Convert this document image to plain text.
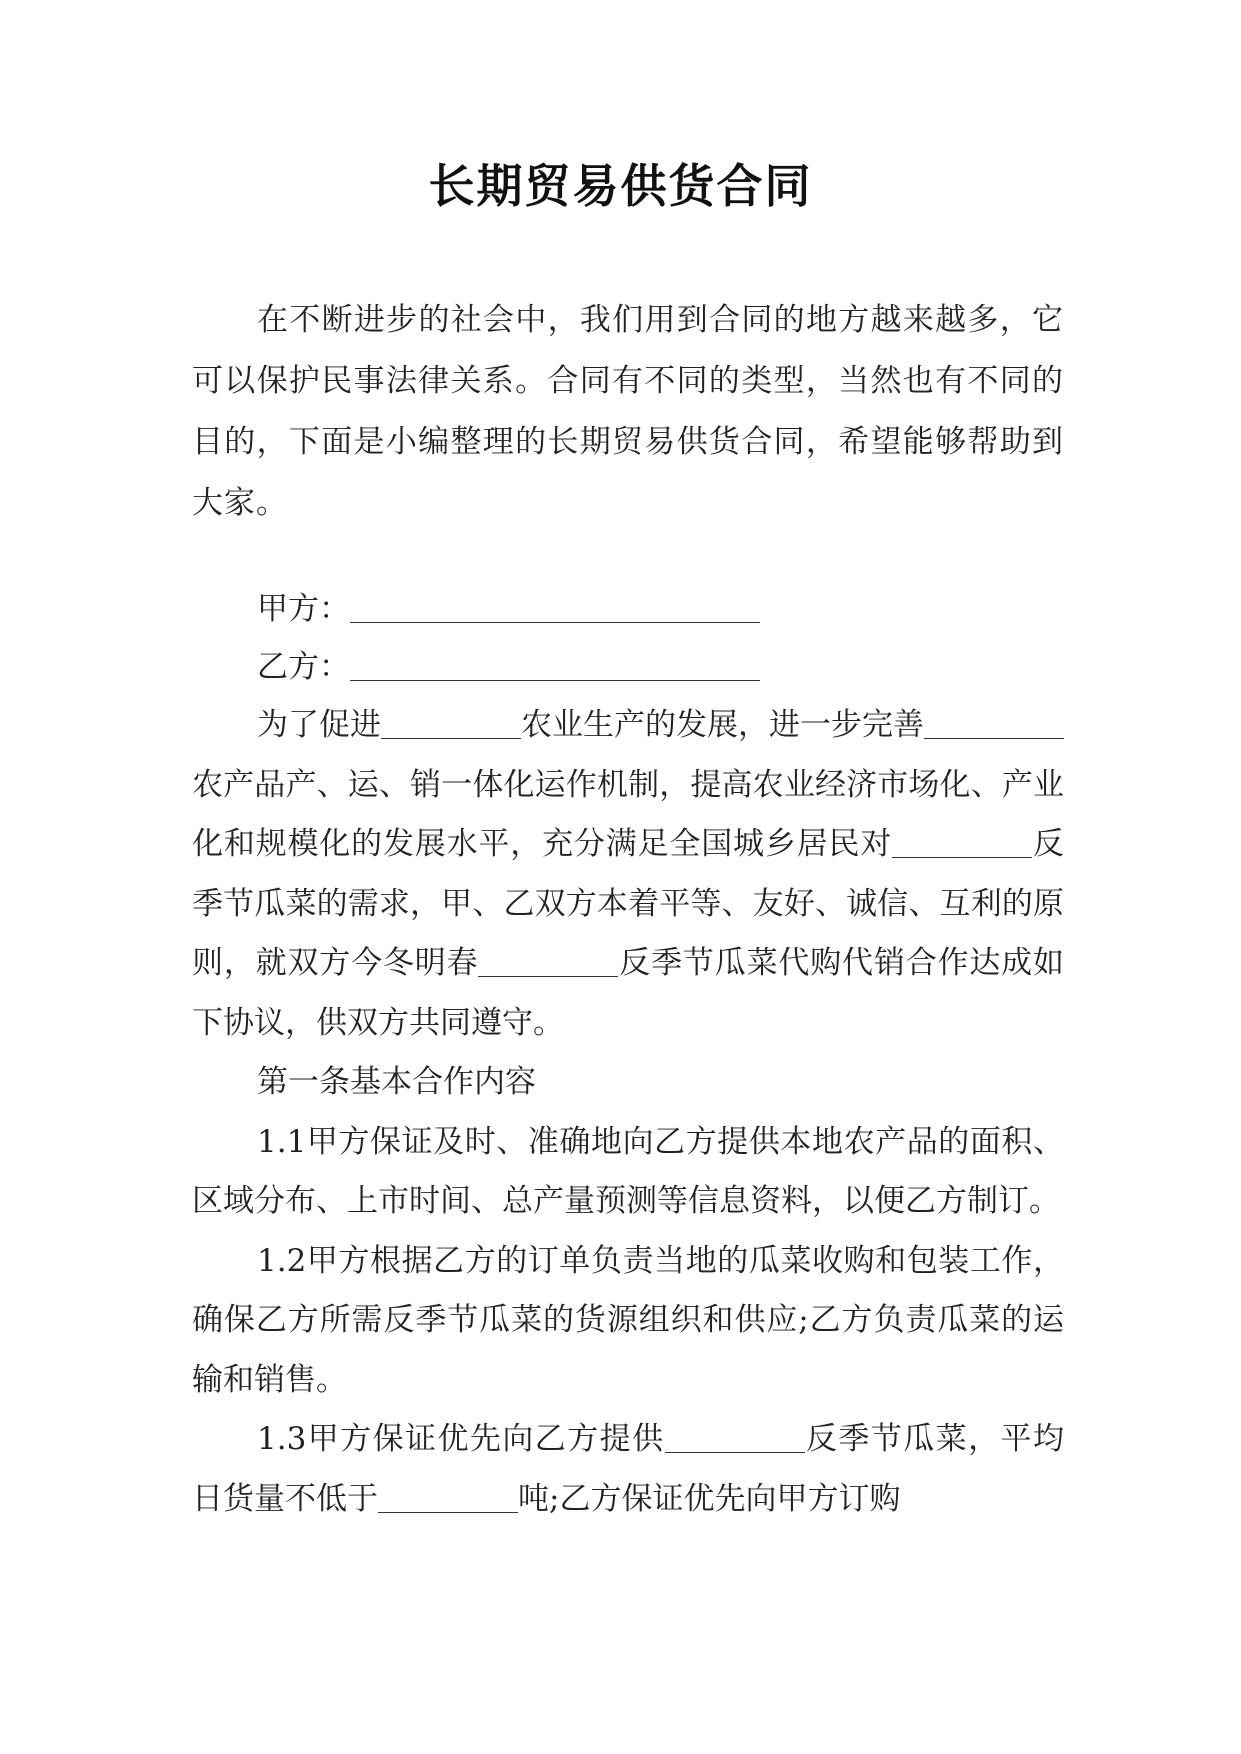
长期贸易供货合同

在不断进步的社会中，我们用到合同的地方越来越多，它可以保护民事法律关系。合同有不同的类型，当然也有不同的目的，下面是小编整理的长期贸易供货合同，希望能够帮助到大家。

甲方：

乙方：

为了促进	农业生产的发展，进一步完善农产品产、运、销一体化运作机制，提高农业经济市场化、产业化和规模化的发展水平，充分满足全国城乡居民对	反季节瓜菜的需求，甲、乙双方本着平等、友好、诚信、互利的原则，就双方今冬明春	反季节瓜菜代购代销合作达成如下协议，供双方共同遵守。

第一条基本合作内容

1.1甲方保证及时、准确地向乙方提供本地农产品的面积、区域分布、上市时间、总产量预测等信息资料，以便乙方制订。

1.2甲方根据乙方的订单负责当地的瓜菜收购和包装工作，确保乙方所需反季节瓜菜的货源组织和供应;乙方负责瓜菜的运输和销售。

1.3甲方保证优先向乙方提供	反季节瓜菜，平均日货量不低于	吨;乙方保证优先向甲方订购
